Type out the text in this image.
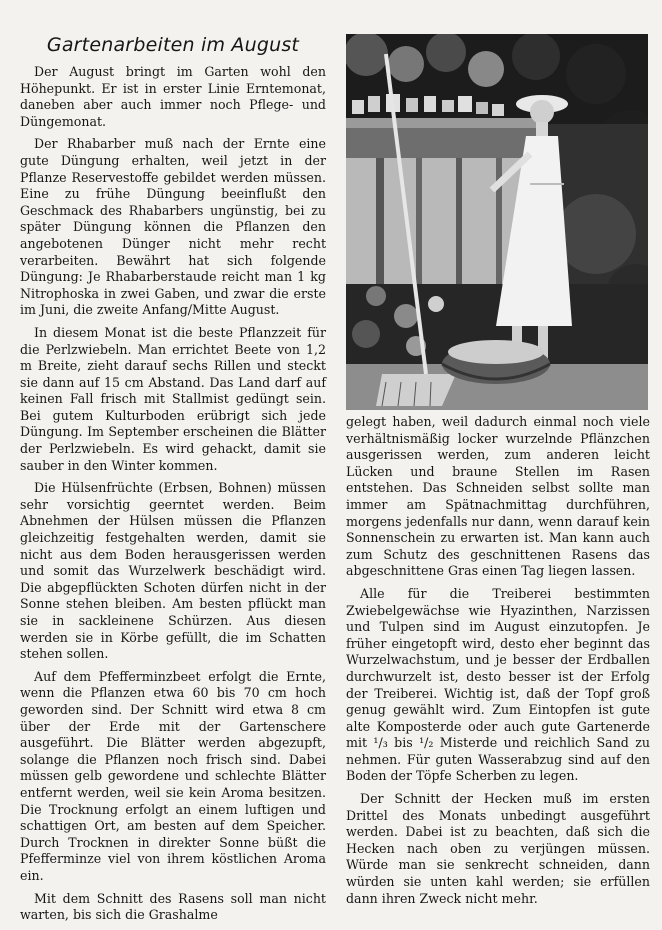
Gartenarbeiten im August

Der August bringt im Garten wohl den Höhepunkt. Er ist in erster Linie Erntemonat, daneben aber auch immer noch Pflege- und Düngemonat.

Der Rhabarber muß nach der Ernte eine gute Düngung erhalten, weil jetzt in der Pflanze Reservestoffe gebildet werden müssen. Eine zu frühe Düngung beeinflußt den Geschmack des Rhabarbers ungünstig, bei zu später Düngung können die Pflanzen den angebotenen Dünger nicht mehr recht verarbeiten. Bewährt hat sich folgende Düngung: Je Rhabarberstaude reicht man 1 kg Nitrophoska in zwei Gaben, und zwar die erste im Juni, die zweite Anfang/Mitte August.

In diesem Monat ist die beste Pflanzzeit für die Perlzwiebeln. Man errichtet Beete von 1,2 m Breite, zieht darauf sechs Rillen und steckt sie dann auf 15 cm Abstand. Das Land darf auf keinen Fall frisch mit Stallmist gedüngt sein. Bei gutem Kulturboden erübrigt sich jede Düngung. Im September erscheinen die Blätter der Perlzwiebeln. Es wird gehackt, damit sie sauber in den Winter kommen.

Die Hülsenfrüchte (Erbsen, Bohnen) müssen sehr vorsichtig geerntet werden. Beim Abnehmen der Hülsen müssen die Pflanzen gleichzeitig festgehalten werden, damit sie nicht aus dem Boden herausgerissen werden und somit das Wurzelwerk beschädigt wird. Die abgepflückten Schoten dürfen nicht in der Sonne stehen bleiben. Am besten pflückt man sie in sackleinene Schürzen. Aus diesen werden sie in Körbe gefüllt, die im Schatten stehen sollen.

Auf dem Pfefferminzbeet erfolgt die Ernte, wenn die Pflanzen etwa 60 bis 70 cm hoch geworden sind. Der Schnitt wird etwa 8 cm über der Erde mit der Gartenschere ausgeführt. Die Blätter werden abgezupft, solange die Pflanzen noch frisch sind. Dabei müssen gelb gewordene und schlechte Blätter entfernt werden, weil sie kein Aroma besitzen. Die Trocknung erfolgt an einem luftigen und schattigen Ort, am besten auf dem Speicher. Durch Trocknen in direkter Sonne büßt die Pfefferminze viel von ihrem köstlichen Aroma ein.

Mit dem Schnitt des Rasens soll man nicht warten, bis sich die Grashalme

gelegt haben, weil dadurch einmal noch viele verhältnismäßig locker wurzelnde Pflänzchen ausgerissen werden, zum anderen leicht Lücken und braune Stellen im Rasen entstehen. Das Schneiden selbst sollte man immer am Spätnachmittag durchführen, morgens jedenfalls nur dann, wenn darauf kein Sonnenschein zu erwarten ist. Man kann auch zum Schutz des geschnittenen Rasens das abgeschnittene Gras einen Tag liegen lassen.

Alle für die Treiberei bestimmten Zwiebelgewächse wie Hyazinthen, Narzissen und Tulpen sind im August einzutopfen. Je früher eingetopft wird, desto eher beginnt das Wurzelwachstum, und je besser der Erdballen durchwurzelt ist, desto besser ist der Erfolg der Treiberei. Wichtig ist, daß der Topf groß genug gewählt wird. Zum Eintopfen ist gute alte Komposterde oder auch gute Gartenerde mit ¹/₃ bis ¹/₂ Misterde und reichlich Sand zu nehmen. Für guten Wasserabzug sind auf den Boden der Töpfe Scherben zu legen.

Der Schnitt der Hecken muß im ersten Drittel des Monats unbedingt ausgeführt werden. Dabei ist zu beachten, daß sich die Hecken nach oben zu verjüngen müssen. Würde man sie senkrecht schneiden, dann würden sie unten kahl werden; sie erfüllen dann ihren Zweck nicht mehr.
